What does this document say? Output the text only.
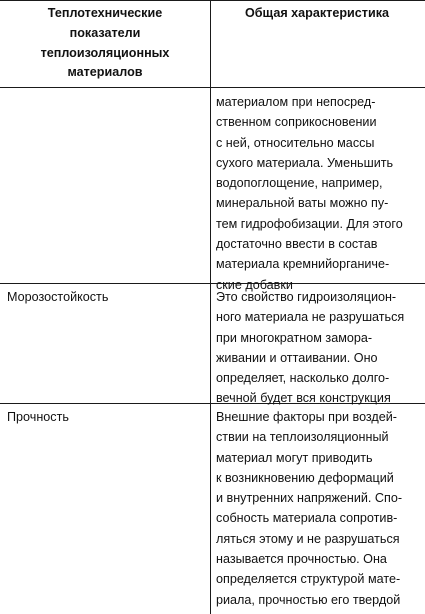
Теплотехнические
показатели
теплоизоляционных
материалов
Общая характеристика
материалом при непосред-
ственном соприкосновении
с ней, относительно массы
сухого материала. Уменьшить
водопоглощение, например,
минеральной ваты можно пу-
тем гидрофобизации. Для этого
достаточно ввести в состав
материала кремнийорганиче-
ские добавки
Морозостойкость	Это свойство гидроизоляцион-
ного материала не разрушаться
при многократном замора-
живании и оттаивании. Оно
определяет, насколько долго-
вечной будет вся конструкция
Прочность	Внешние факторы при воздей-
ствии на теплоизоляционный
материал могут приводить
к возникновению деформаций
и внутренних напряжений. Спо-
собность материала сопротив-
ляться этому и не разрушаться
называется прочностью. Она
определяется структурой мате-
риала, прочностью его твердой
